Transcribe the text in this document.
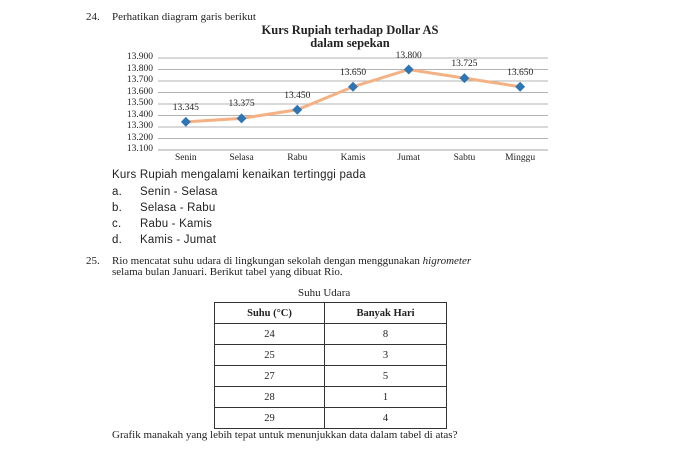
24. Perhatikan diagram garis berikut
Kurs Rupiah terhadap Dollar AS
dalam sepekan
13.900
13.800
13.700
13.600
13.500
13.400
13.300
13.200
13.100
Senin	Selasa	Rabu	Kamis	Jumat	Sabtu	Minggu
13.345	13.375
13.450
13.650
13.800
13.725
13.650
Kurs Rupiah mengalami kenaikan tertinggi pada
a. Senin - Selasa
b. Selasa - Rabu
c. Rabu - Kamis
d. Kamis - Jumat
25. Rio mencatat suhu udara di lingkungan sekolah dengan menggunakan higrometer
selama bulan Januari. Berikut tabel yang dibuat Rio.
Suhu Udara
Suhu (°C)	Banyak Hari
24	8
25	3
27	5
28	1
29	4
Grafik manakah yang lebih tepat untuk menunjukkan data dalam tabel di atas?
